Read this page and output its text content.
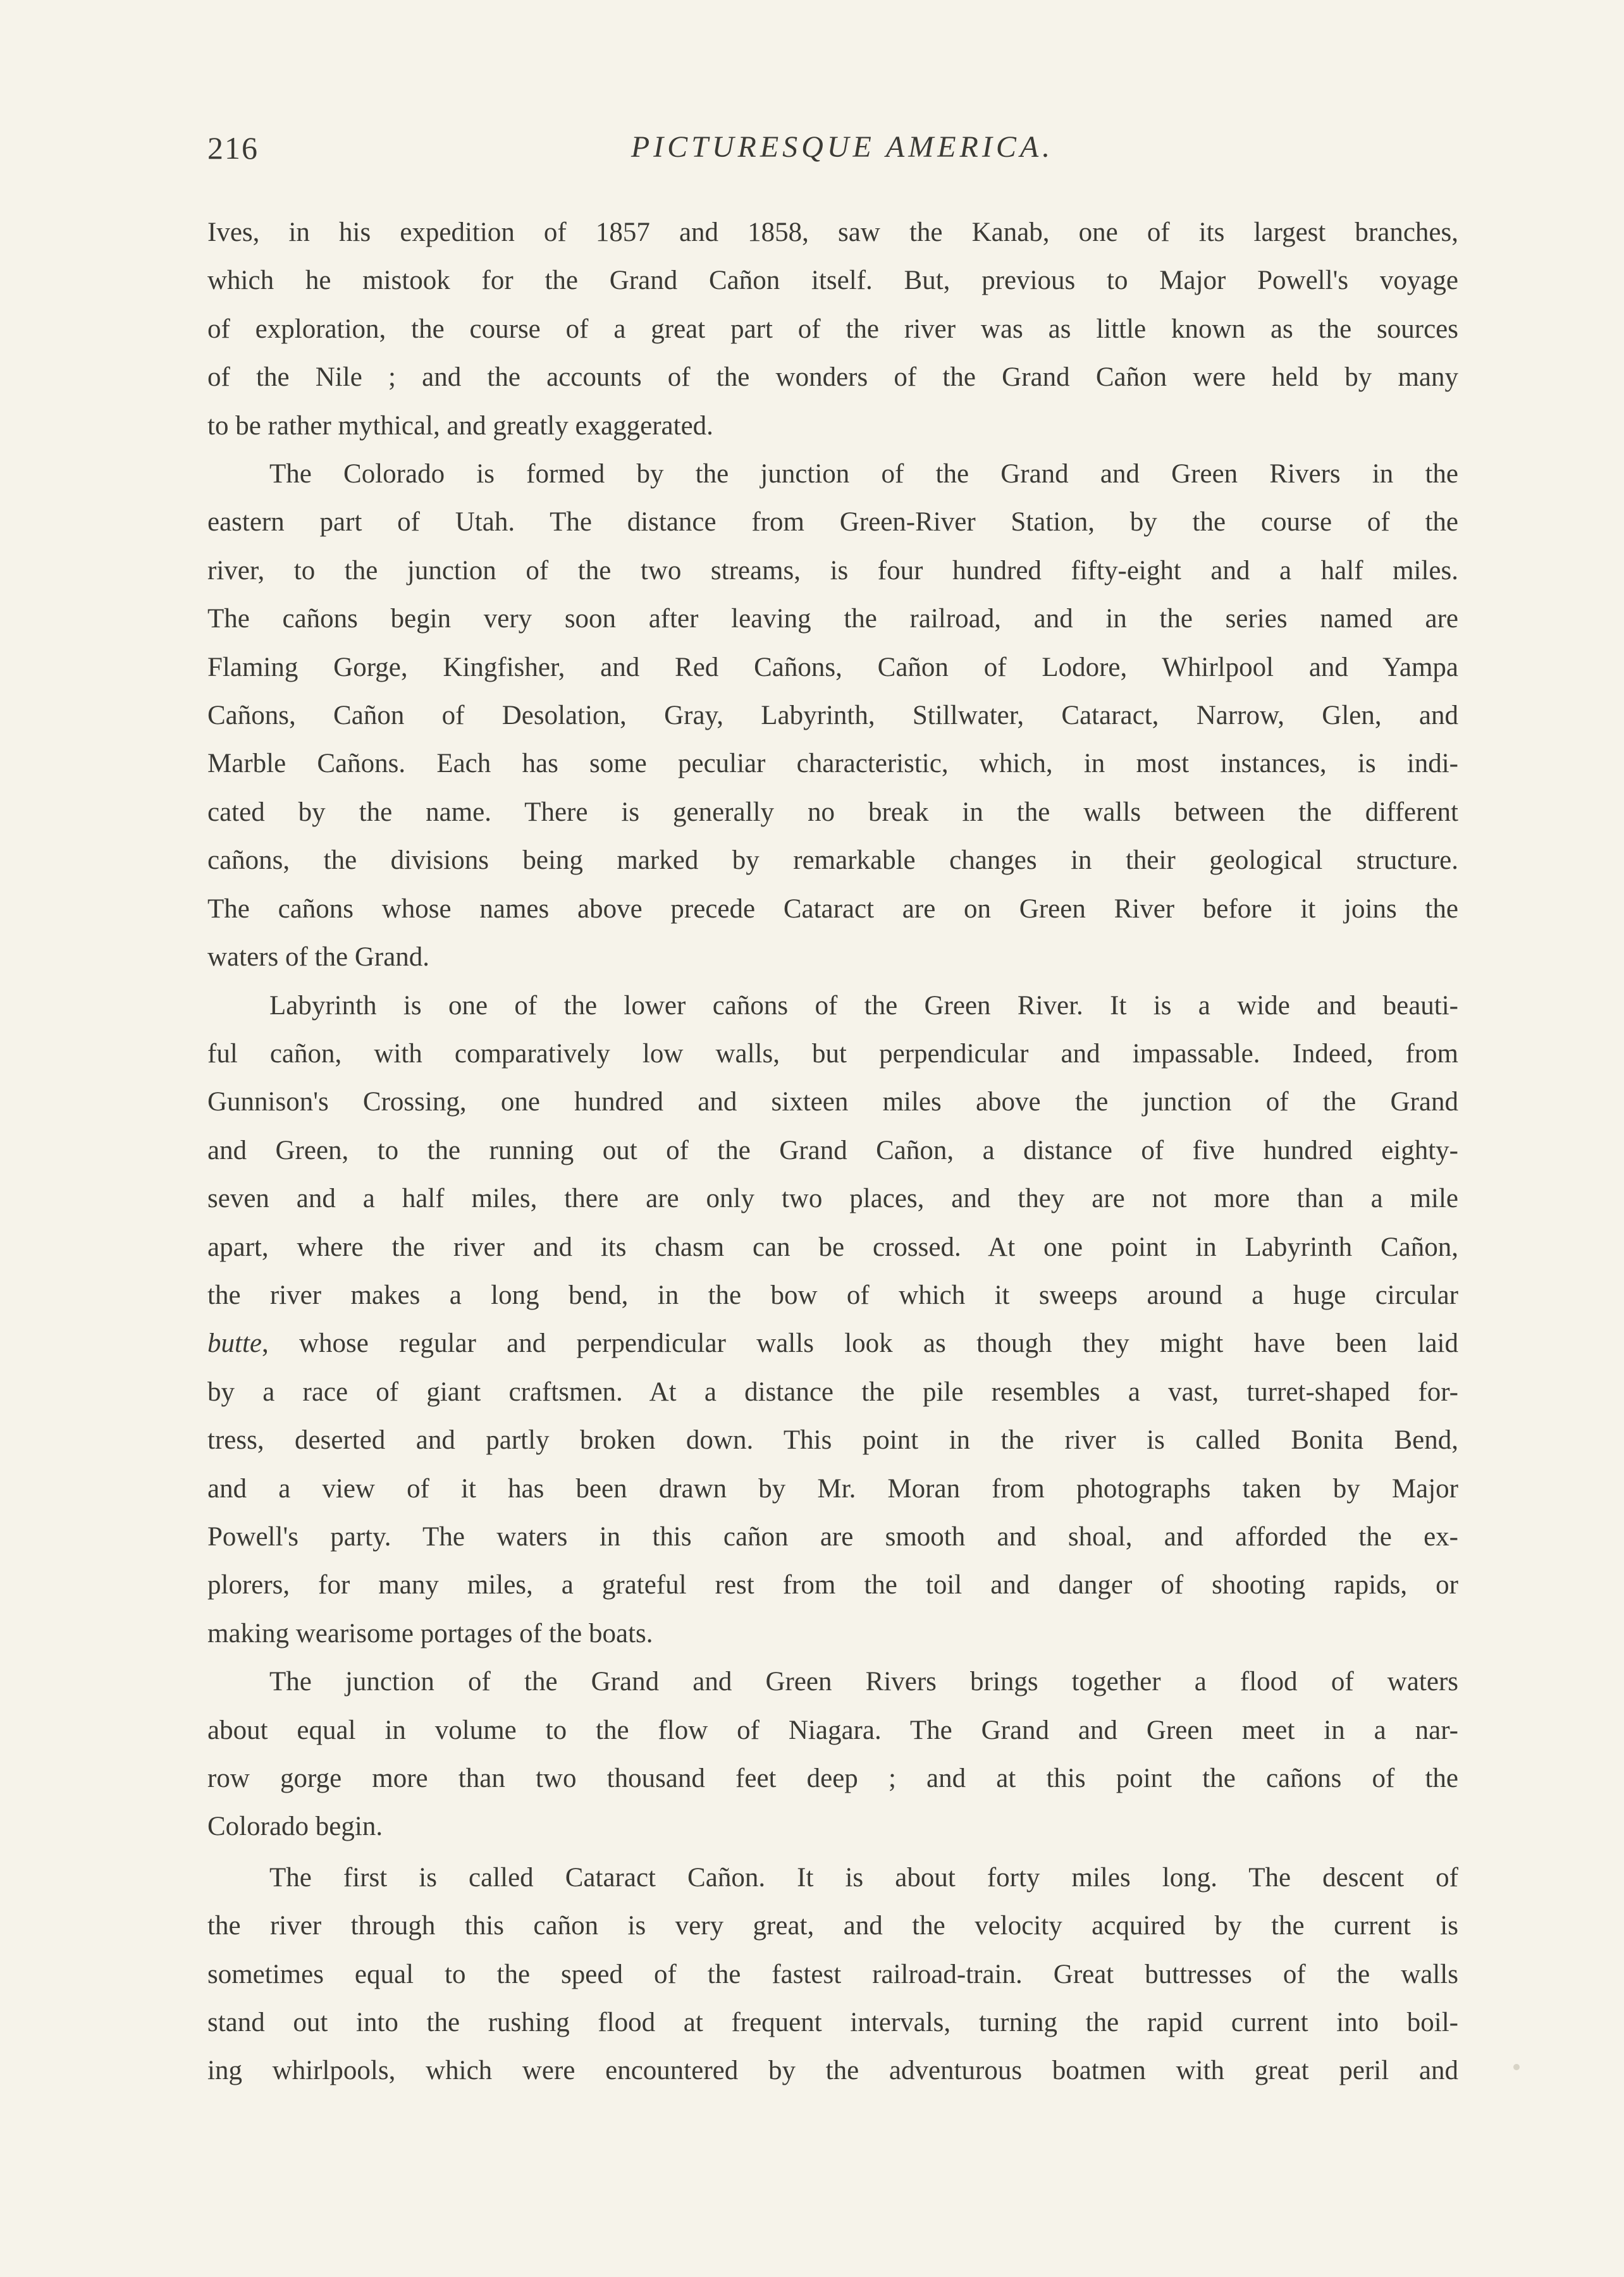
216	PICTURESQUE AMERICA.

Ives, in his expedition of 1857 and 1858, saw the Kanab, one of its largest branches,

which he mistook for the Grand Cañon itself. But, previous to Major Powell's voyage

of exploration, the course of a great part of the river was as little known as the sources

of the Nile ; and the accounts of the wonders of the Grand Cañon were held by many

to be rather mythical, and greatly exaggerated.

The Colorado is formed by the junction of the Grand and Green Rivers in the

eastern part of Utah. The distance from Green-River Station, by the course of the

river, to the junction of the two streams, is four hundred fifty-eight and a half miles.

The cañons begin very soon after leaving the railroad, and in the series named are

Flaming Gorge, Kingfisher, and Red Cañons, Cañon of Lodore, Whirlpool and Yampa

Cañons, Cañon of Desolation, Gray, Labyrinth, Stillwater, Cataract, Narrow, Glen, and

Marble Cañons. Each has some peculiar characteristic, which, in most instances, is indi-

cated by the name. There is generally no break in the walls between the different

cañons, the divisions being marked by remarkable changes in their geological structure.

The cañons whose names above precede Cataract are on Green River before it joins the

waters of the Grand.

Labyrinth is one of the lower cañons of the Green River. It is a wide and beauti-

ful cañon, with comparatively low walls, but perpendicular and impassable. Indeed, from

Gunnison's Crossing, one hundred and sixteen miles above the junction of the Grand

and Green, to the running out of the Grand Cañon, a distance of five hundred eighty-

seven and a half miles, there are only two places, and they are not more than a mile

apart, where the river and its chasm can be crossed. At one point in Labyrinth Cañon,

the river makes a long bend, in the bow of which it sweeps around a huge circular

butte, whose regular and perpendicular walls look as though they might have been laid

by a race of giant craftsmen. At a distance the pile resembles a vast, turret-shaped for-

tress, deserted and partly broken down. This point in the river is called Bonita Bend,

and a view of it has been drawn by Mr. Moran from photographs taken by Major

Powell's party. The waters in this cañon are smooth and shoal, and afforded the ex-

plorers, for many miles, a grateful rest from the toil and danger of shooting rapids, or

making wearisome portages of the boats.

The junction of the Grand and Green Rivers brings together a flood of waters

about equal in volume to the flow of Niagara. The Grand and Green meet in a nar-

row gorge more than two thousand feet deep ; and at this point the cañons of the

Colorado begin.

The first is called Cataract Cañon. It is about forty miles long. The descent of

the river through this cañon is very great, and the velocity acquired by the current is

sometimes equal to the speed of the fastest railroad-train. Great buttresses of the walls

stand out into the rushing flood at frequent intervals, turning the rapid current into boil-

ing whirlpools, which were encountered by the adventurous boatmen with great peril and
